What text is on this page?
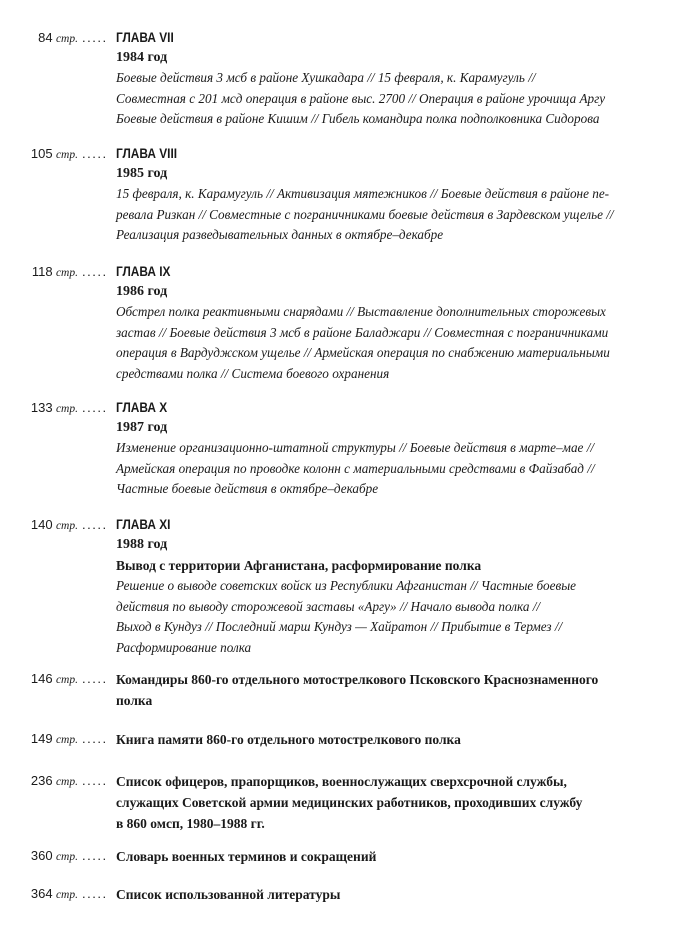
84 стр. ..... ГЛАВА VII
1984 год
Боевые действия 3 мсб в районе Хушкадара // 15 февраля, к. Карамугуль //
Совместная с 201 мсд операция в районе выс. 2700 // Операция в районе урочища Аргу
Боевые действия в районе Кишим // Гибель командира полка подполковника Сидорова
105 стр. ..... ГЛАВА VIII
1985 год
15 февраля, к. Карамугуль // Активизация мятежников // Боевые действия в районе пе-
ревала Ризкан // Совместные с пограничниками боевые действия в Зардевском ущелье //
Реализация разведывательных данных в октябре–декабре
118 стр. ..... ГЛАВА IX
1986 год
Обстрел полка реактивными снарядами // Выставление дополнительных сторожевых
застав // Боевые действия 3 мсб в районе Баладжари // Совместная с пограничниками
операция в Вардуджском ущелье // Армейская операция по снабжению материальными
средствами полка // Система боевого охранения
133 стр. ..... ГЛАВА X
1987 год
Изменение организационно-штатной структуры // Боевые действия в марте–мае //
Армейская операция по проводке колонн с материальными средствами в Файзабад //
Частные боевые действия в октябре–декабре
140 стр. ..... ГЛАВА XI
1988 год
Вывод с территории Афганистана, расформирование полка
Решение о выводе советских войск из Республики Афганистан // Частные боевые
действия по выводу сторожевой заставы «Аргу» // Начало вывода полка //
Выход в Кундуз // Последний марш Кундуз — Хайратон // Прибытие в Термез //
Расформирование полка
146 стр. ..... Командиры 860-го отдельного мотострелкового Псковского Краснознаменного
полка
149 стр. ..... Книга памяти 860-го отдельного мотострелкового полка
236 стр. ..... Список офицеров, прапорщиков, военнослужащих сверхсрочной службы,
служащих Советской армии медицинских работников, проходивших службу
в 860 омсп, 1980–1988 гг.
360 стр. ..... Словарь военных терминов и сокращений
364 стр. ..... Список использованной литературы
